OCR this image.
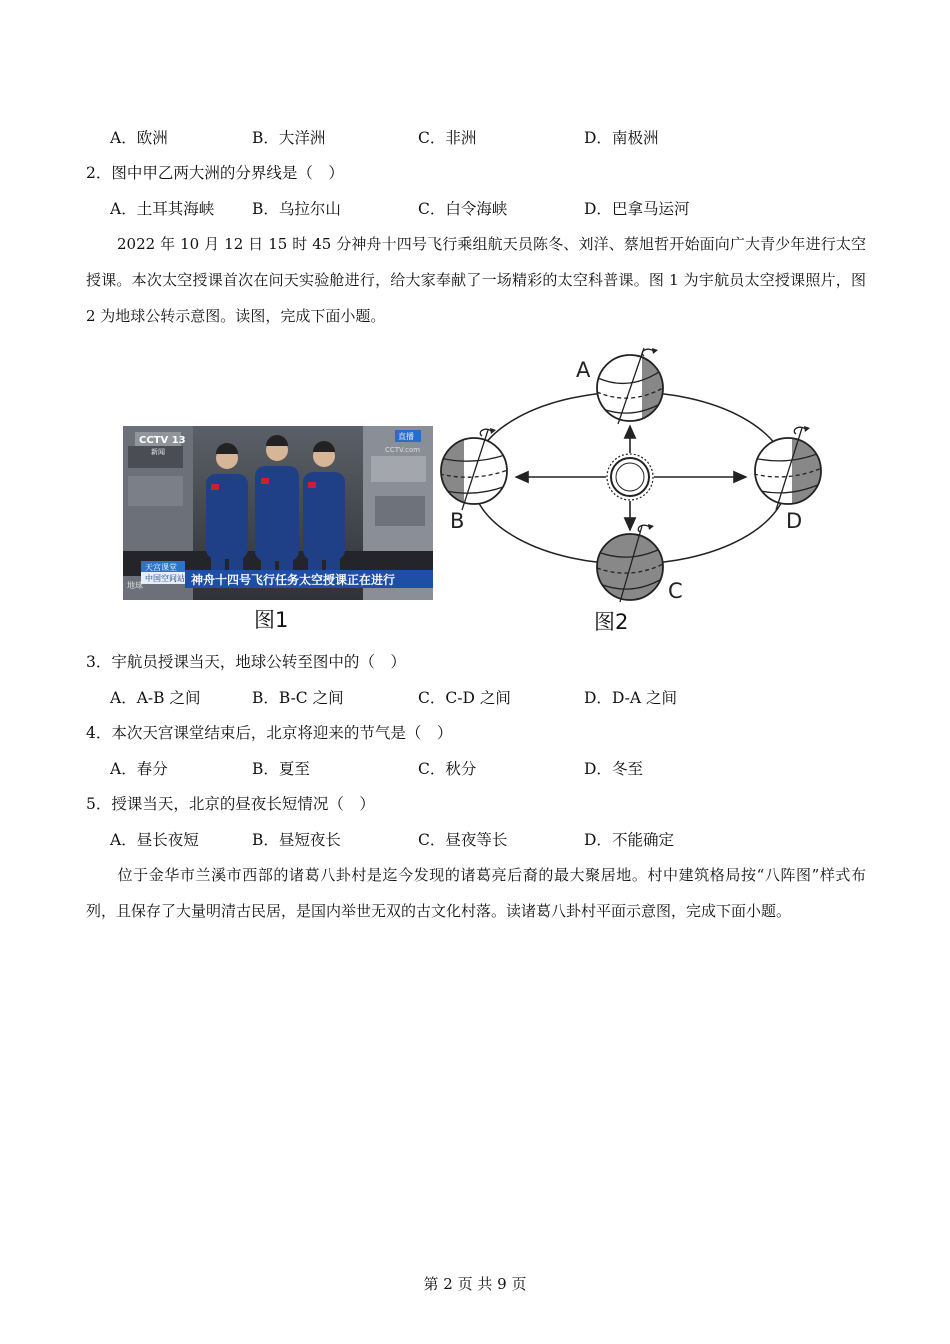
A．欧洲	B．大洋洲	C．非洲	D．南极洲
2．图中甲乙两大洲的分界线是（　）
A．土耳其海峡 B．乌拉尔山	C．白令海峡	D．巴拿马运河
2022 年 10 月 12 日 15 时 45 分神舟十四号飞行乘组航天员陈冬、刘洋、蔡旭哲开始面向广大青少年进行太空授课。本次太空授课首次在问天实验舱进行，给大家奉献了一场精彩的太空科普课。图 1 为宇航员太空授课照片，图 2 为地球公转示意图。读图，完成下面小题。
CCTV 13
新闻
直播
CCTV.com
天宫课堂
中国空间站 神舟十四号飞行任务太空授课正在进行
地球
图1
A
B
C
D
图2
3．宇航员授课当天，地球公转至图中的（　）
A．A-B 之间	B．B-C 之间	C．C-D 之间	D．D-A 之间
4．本次天宫课堂结束后，北京将迎来的节气是（　）
A．春分	B．夏至	C．秋分	D．冬至
5．授课当天，北京的昼夜长短情况（　）
A．昼长夜短	B．昼短夜长	C．昼夜等长	D．不能确定
位于金华市兰溪市西部的诸葛八卦村是迄今发现的诸葛亮后裔的最大聚居地。村中建筑格局按“八阵图”样式布列，且保存了大量明清古民居，是国内举世无双的古文化村落。读诸葛八卦村平面示意图，完成下面小题。
第 2 页 共 9 页
